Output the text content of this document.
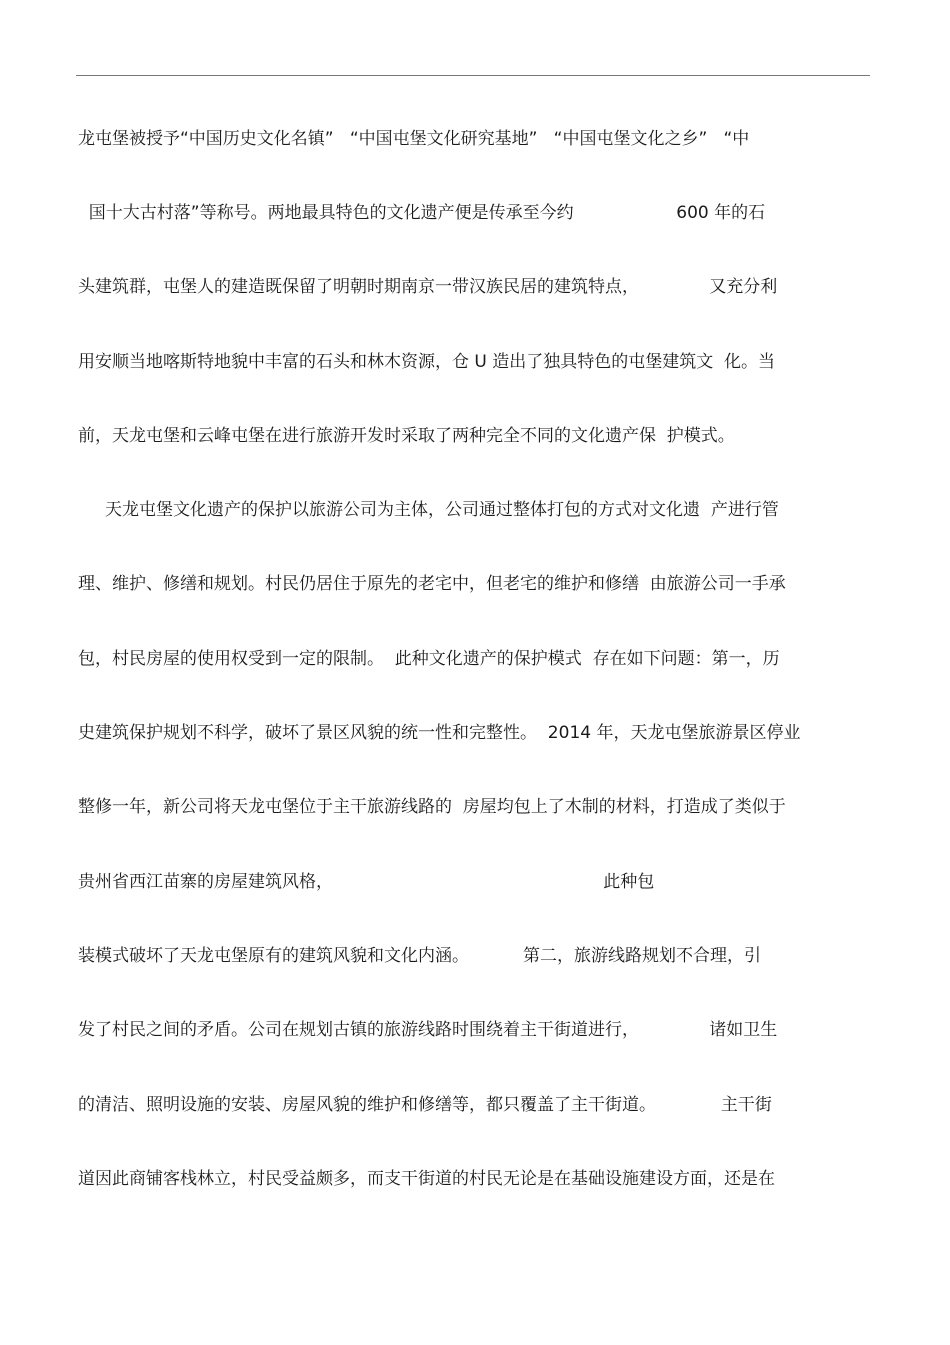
龙屯堡被授予“中国历史文化名镇”   “中国屯堡文化研究基地”   “中国屯堡文化之乡”   “中
国十大古村落”等称号。两地最具特色的文化遗产便是传承至今约                   600 年的石
头建筑群，屯堡人的建造既保留了明朝时期南京一带汉族民居的建筑特点，             又充分利
用安顺当地喀斯特地貌中丰富的石头和林木资源，仓 U 造出了独具特色的屯堡建筑文  化。当
前，天龙屯堡和云峰屯堡在进行旅游开发时采取了两种完全不同的文化遗产保  护模式。
天龙屯堡文化遗产的保护以旅游公司为主体，公司通过整体打包的方式对文化遗  产进行管
理、维护、修缮和规划。村民仍居住于原先的老宅中，但老宅的维护和修缮  由旅游公司一手承
包，村民房屋的使用权受到一定的限制。  此种文化遗产的保护模式  存在如下问题：第一，历
史建筑保护规划不科学，破坏了景区风貌的统一性和完整性。  2014 年，天龙屯堡旅游景区停业
整修一年，新公司将天龙屯堡位于主干旅游线路的  房屋均包上了木制的材料，打造成了类似于
贵州省西江苗寨的房屋建筑风格，                                                  此种包
装模式破坏了天龙屯堡原有的建筑风貌和文化内涵。          第二，旅游线路规划不合理，引
发了村民之间的矛盾。公司在规划古镇的旅游线路时围绕着主干街道进行，             诸如卫生
的清洁、照明设施的安装、房屋风貌的维护和修缮等，都只覆盖了主干街道。            主干街
道因此商铺客栈林立，村民受益颇多，而支干街道的村民无论是在基础设施建设方面，还是在
